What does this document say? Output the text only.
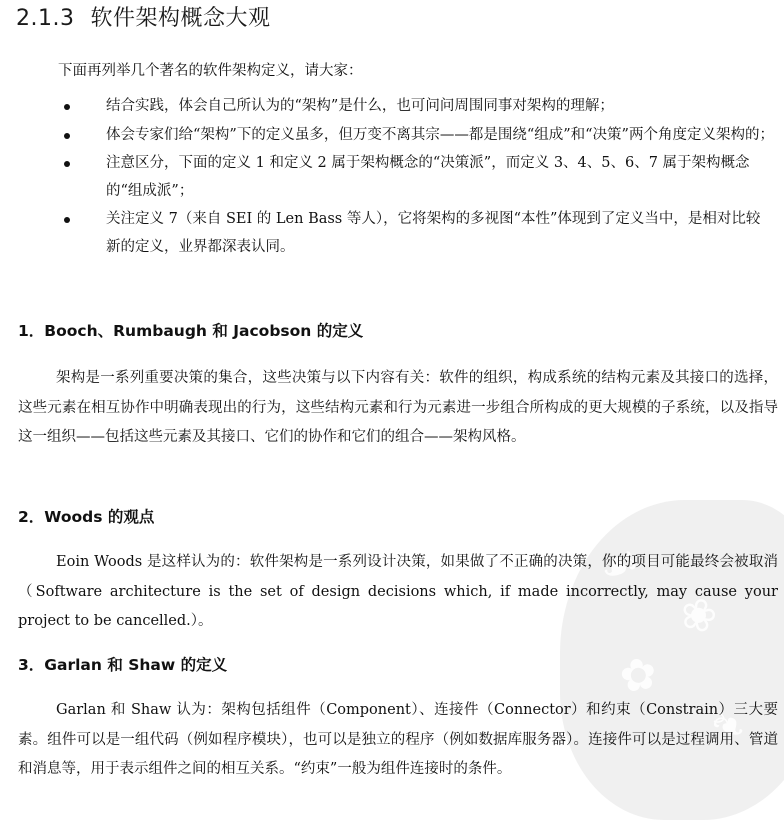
☙
❀
✿
❧
2.1.3 软件架构概念大观
下面再列举几个著名的软件架构定义，请大家：
结合实践，体会自己所认为的“架构”是什么，也可问问周围同事对架构的理解；
体会专家们给“架构”下的定义虽多，但万变不离其宗——都是围绕“组成”和“决策”两个角度定义架构的；
注意区分，下面的定义 1 和定义 2 属于架构概念的“决策派”，而定义 3、4、5、6、7 属于架构概念的“组成派”；
关注定义 7（来自 SEI 的 Len Bass 等人），它将架构的多视图“本性”体现到了定义当中，是相对比较新的定义，业界都深表认同。
1．Booch、Rumbaugh 和 Jacobson 的定义

架构是一系列重要决策的集合，这些决策与以下内容有关：软件的组织，构成系统的结构元素及其接口的选择，这些元素在相互协作中明确表现出的行为，这些结构元素和行为元素进一步组合所构成的更大规模的子系统，以及指导这一组织——包括这些元素及其接口、它们的协作和它们的组合——架构风格。

2．Woods 的观点

Eoin Woods 是这样认为的：软件架构是一系列设计决策，如果做了不正确的决策，你的项目可能最终会被取消（Software architecture is the set of design decisions which, if made incorrectly, may cause your project to be cancelled.）。

3．Garlan 和 Shaw 的定义

Garlan 和 Shaw 认为：架构包括组件（Component）、连接件（Connector）和约束（Constrain）三大要素。组件可以是一组代码（例如程序模块），也可以是独立的程序（例如数据库服务器）。连接件可以是过程调用、管道和消息等，用于表示组件之间的相互关系。“约束”一般为组件连接时的条件。
